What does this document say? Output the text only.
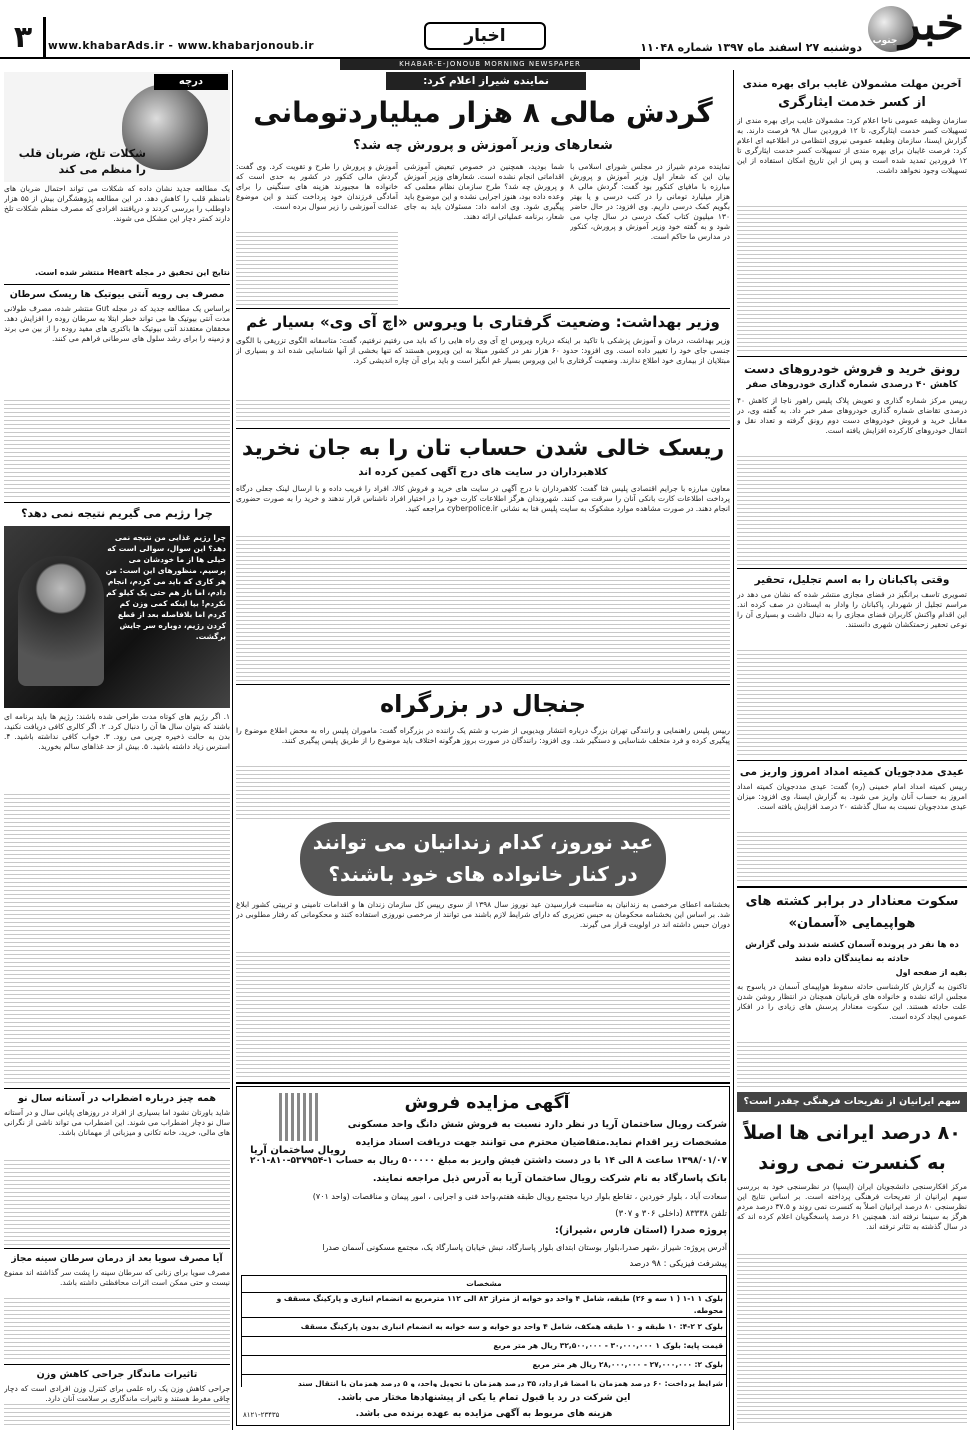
خبر
جنوب
دوشنبه ۲۷ اسفند ماه ۱۳۹۷ شماره ۱۱۰۴۸
اخبار
www.khabarAds.ir - www.khabarjonoub.ir
۳
KHABAR-E-JONOUB MORNING NEWSPAPER
درچه
شکلات تلخ، ضربان قلب را منظم می کند
یک مطالعه جدید نشان داده که شکلات می تواند احتمال ضربان های نامنظم قلب را کاهش دهد. در این مطالعه پژوهشگران بیش از ۵۵ هزار داوطلب را بررسی کردند و دریافتند افرادی که مصرف منظم شکلات تلخ دارند کمتر دچار این مشکل می شوند.
نتایج این تحقیق در مجله Heart منتشر شده است.
مصرف بی رویه آنتی بیوتیک ها ریسک سرطان
براساس یک مطالعه جدید که در مجله Gut منتشر شده، مصرف طولانی مدت آنتی بیوتیک ها می تواند خطر ابتلا به سرطان روده را افزایش دهد. محققان معتقدند آنتی بیوتیک ها باکتری های مفید روده را از بین می برند و زمینه را برای رشد سلول های سرطانی فراهم می کنند.
چرا رژیم می گیریم نتیجه نمی دهد؟
چرا رژیم غذایی من نتیجه نمی دهد؟ این سوال، سوالی است که خیلی ها از ما خودشان می پرسیم. منظورهای این است: من هر کاری که باید می کردم، انجام دادم، اما باز هم حتی یک کیلو کم نکردم! بیا اینکه کمی وزن کم کردم اما بلافاصله بعد از قطع کردن رژیم، دوباره سر جایش برگشت.
۱. اگر رژیم های کوتاه مدت طراحی شده باشند: رژیم ها باید برنامه ای باشند که بتوان سال ها آن را دنبال کرد. ۲. اگر کالری کافی دریافت نکنید، بدن به حالت ذخیره چربی می رود. ۳. خواب کافی نداشته باشید. ۴. استرس زیاد داشته باشید. ۵. بیش از حد غذاهای سالم بخورید.
همه چیز درباره اضطراب در آستانه سال نو
شاید باورتان نشود اما بسیاری از افراد در روزهای پایانی سال و در آستانه سال نو دچار اضطراب می شوند. این اضطراب می تواند ناشی از نگرانی های مالی، خرید، خانه تکانی و میزبانی از مهمانان باشد.
آیا مصرف سویا بعد از درمان سرطان سینه مجاز
مصرف سویا برای زنانی که سرطان سینه را پشت سر گذاشته اند ممنوع نیست و حتی ممکن است اثرات محافظتی داشته باشد.
تاثیرات ماندگار جراحی کاهش وزن
جراحی کاهش وزن یک راه علمی برای کنترل وزن افرادی است که دچار چاقی مفرط هستند و تاثیرات ماندگاری بر سلامت آنان دارد.
نماینده شیراز اعلام کرد:
گردش مالی ۸ هزار میلیاردتومانی
شعارهای وزیر آموزش و پرورش چه شد؟
نماینده مردم شیراز در مجلس شورای اسلامی با بیان این که شعار اول وزیر آموزش و پرورش مبارزه با مافیای کنکور بود گفت: گردش مالی ۸ هزار میلیارد تومانی را در کتب درسی و یا بهتر بگویم کمک درسی داریم. وی افزود: در حال حاضر ۱۳۰ میلیون کتاب کمک درسی در سال چاپ می شود و به گفته خود وزیر آموزش و پرورش، کنکور در مدارس ما حاکم است.
شما بودید، همچنین در خصوص تبعیض آموزشی اقداماتی انجام نشده است. شعارهای وزیر آموزش و پرورش چه شد؟ طرح سازمان نظام معلمی که وعده داده بود، هنوز اجرایی نشده و این موضوع باید پیگیری شود. وی ادامه داد: مسئولان باید به جای شعار، برنامه عملیاتی ارائه دهند.
آموزش و پرورش را طرح و تقویت کرد. وی گفت: گردش مالی کنکور در کشور به حدی است که خانواده ها مجبورند هزینه های سنگینی را برای آمادگی فرزندان خود پرداخت کنند و این موضوع عدالت آموزشی را زیر سوال برده است.
وزیر بهداشت: وضعیت گرفتاری با ویروس «اچ آی وی» بسیار غم
وزیر بهداشت، درمان و آموزش پزشکی با تاکید بر اینکه درباره ویروس اچ آی وی راه هایی را که باید می رفتیم نرفتیم، گفت: متاسفانه الگوی تزریقی با الگوی جنسی جای خود را تغییر داده است. وی افزود: حدود ۶۰ هزار نفر در کشور مبتلا به این ویروس هستند که تنها بخشی از آنها شناسایی شده اند و بسیاری از مبتلایان از بیماری خود اطلاع ندارند. وضعیت گرفتاری با این ویروس بسیار غم انگیز است و باید برای آن چاره اندیشی کرد.
ریسک خالی شدن حساب تان را به جان نخرید
کلاهبرداران در سایت های درج آگهی کمین کرده اند
معاون مبارزه با جرایم اقتصادی پلیس فتا گفت: کلاهبرداران با درج آگهی در سایت های خرید و فروش کالا، افراد را فریب داده و با ارسال لینک جعلی درگاه پرداخت اطلاعات کارت بانکی آنان را سرقت می کنند. شهروندان هرگز اطلاعات کارت خود را در اختیار افراد ناشناس قرار ندهند و خرید را به صورت حضوری انجام دهند. در صورت مشاهده موارد مشکوک به سایت پلیس فتا به نشانی cyberpolice.ir مراجعه کنید.
جنجال در بزرگراه
رییس پلیس راهنمایی و رانندگی تهران بزرگ درباره انتشار ویدیویی از ضرب و شتم یک راننده در بزرگراه گفت: ماموران پلیس راه به محض اطلاع موضوع را پیگیری کرده و فرد متخلف شناسایی و دستگیر شد. وی افزود: رانندگان در صورت بروز هرگونه اختلاف باید موضوع را از طریق پلیس پیگیری کنند.
عید نوروز، کدام زندانیان می توانند
در کنار خانواده های خود باشند؟
بخشنامه اعطای مرخصی به زندانیان به مناسبت فرارسیدن عید نوروز سال ۱۳۹۸ از سوی رییس کل سازمان زندان ها و اقدامات تامینی و تربیتی کشور ابلاغ شد. بر اساس این بخشنامه محکومان به حبس تعزیری که دارای شرایط لازم باشند می توانند از مرخصی نوروزی استفاده کنند و محکومانی که رفتار مطلوبی در دوران حبس داشته اند در اولویت قرار می گیرند.
رویال ساختمان آریا
آگهی مزایده فروش
شرکت رویال ساختمان آریا در نظر دارد نسبت به فروش شش دانگ واحد مسکونی
مشخصات زیر اقدام نماید.متقاضیان محترم می توانند جهت دریافت اسناد مزایده
۱۳۹۸/۰۱/۰۷ ساعت ۸ الی ۱۴ با در دست داشتن فیش واریز به مبلغ ۵۰۰۰۰۰ ریال به حساب ۱-۵۳۷۹۵۴-۸۱۰-۲۰۱
بانک پاسارگاد به نام شرکت رویال ساختمان آریا به آدرس ذیل مراجعه نمایند.
سعادت آباد ، بلوار خوردین ، تقاطع بلوار دریا مجتمع رویال طبقه هفتم،واحد فنی و اجرایی ، امور پیمان و مناقصات (واحد ۷۰۱)
تلفن ۸۳۳۳۸ (داخلی ۳۰۶ و ۳۰۷)
پروژه صدرا (استان فارس ،شیراز):
آدرس پروژه: شیراز ،شهر صدرا،بلوار بوستان ابتدای بلوار پاسارگاد، نبش خیابان پاسارگاد یک، مجتمع مسکونی آسمان صدرا
پیشرفت فیزیکی : ۹۸ درصد
مشخصات
بلوک ۱ ۱-۱ ( ۱ سه و ۲۶) طبقه، شامل ۴ واحد دو خوابه از متراژ ۸۳ الی ۱۱۲ مترمربع به انضمام انباری و پارکینگ مسقف و محوطه.
بلوک ۲ ۲-۴: ۱۰ طبقه و ۱۰ طبقه همکف، شامل ۴ واحد دو خوابه و سه خوابه به انضمام انباری بدون پارکینگ مسقف
قیمت پایه: بلوک ۱ ۳۰,۰۰۰,۰۰۰ - ۳۲,۵۰۰,۰۰۰ ریال هر متر مربع
بلوک ۲: ۲۷,۰۰۰,۰۰۰ - ۲۸,۰۰۰,۰۰۰ ریال هر متر مربع
شرایط پرداخت: ۶۰ درصد همزمان با امضا قرارداد، ۳۵ درصد همزمان با تحویل واحد، و ۵ درصد همزمان با انتقال سند
این شرکت در رد یا قبول تمام یا یکی از پیشنهادها مختار می باشد.
هزینه های مربوط به آگهی مزایده به عهده برنده می باشد.
۸۱۲۱-۲۳۴۳۵
آخرین مهلت مشمولان غایب برای بهره مندی
از کسر خدمت ایثارگری
سازمان وظیفه عمومی ناجا اعلام کرد: مشمولان غایب برای بهره مندی از تسهیلات کسر خدمت ایثارگری، تا ۱۲ فروردین سال ۹۸ فرصت دارند. به گزارش ایسنا، سازمان وظیفه عمومی نیروی انتظامی در اطلاعیه ای اعلام کرد: فرصت غایبان برای بهره مندی از تسهیلات کسر خدمت ایثارگری تا ۱۲ فروردین تمدید شده است و پس از این تاریخ امکان استفاده از این تسهیلات وجود نخواهد داشت.
رونق خرید و فروش خودروهای دست
کاهش ۴۰ درصدی شماره گذاری خودروهای صفر
رییس مرکز شماره گذاری و تعویض پلاک پلیس راهور ناجا از کاهش ۴۰ درصدی تقاضای شماره گذاری خودروهای صفر خبر داد. به گفته وی، در مقابل خرید و فروش خودروهای دست دوم رونق گرفته و تعداد نقل و انتقال خودروهای کارکرده افزایش یافته است.
وقتی پاکبانان را به اسم تجلیل، تحقیر
تصویری تاسف برانگیز در فضای مجازی منتشر شده که نشان می دهد در مراسم تجلیل از شهردار، پاکبانان را وادار به ایستادن در صف کرده اند. این اقدام واکنش کاربران فضای مجازی را به دنبال داشت و بسیاری آن را نوعی تحقیر زحمتکشان شهری دانستند.
عیدی مددجویان کمیته امداد امروز واریز می
رییس کمیته امداد امام خمینی (ره) گفت: عیدی مددجویان کمیته امداد امروز به حساب آنان واریز می شود. به گزارش ایسنا، وی افزود: میزان عیدی مددجویان نسبت به سال گذشته ۲۰ درصد افزایش یافته است.
سکوت معنادار در برابر کشته های
هواپیمایی «آسمان»
ده ها نفر در پرونده آسمان کشته شدند ولی گزارش حادثه به نمایندگان داده نشد
بقیه از صفحه اول
تاکنون به گزارش کارشناسی حادثه سقوط هواپیمای آسمان در یاسوج به مجلس ارائه نشده و خانواده های قربانیان همچنان در انتظار روشن شدن علت حادثه هستند. این سکوت معنادار پرسش های زیادی را در افکار عمومی ایجاد کرده است.
سهم ایرانیان از تفریحات فرهنگی چقدر است؟
۸۰ درصد ایرانی ها اصلاً
به کنسرت نمی روند
مرکز افکارسنجی دانشجویان ایران (ایسپا) در نظرسنجی خود به بررسی سهم ایرانیان از تفریحات فرهنگی پرداخته است. بر اساس نتایج این نظرسنجی ۸۰ درصد ایرانیان اصلاً به کنسرت نمی روند و ۳۷.۵ درصد مردم هرگز به سینما نرفته اند. همچنین ۶۱ درصد پاسخگویان اعلام کرده اند که در سال گذشته به تئاتر نرفته اند.
